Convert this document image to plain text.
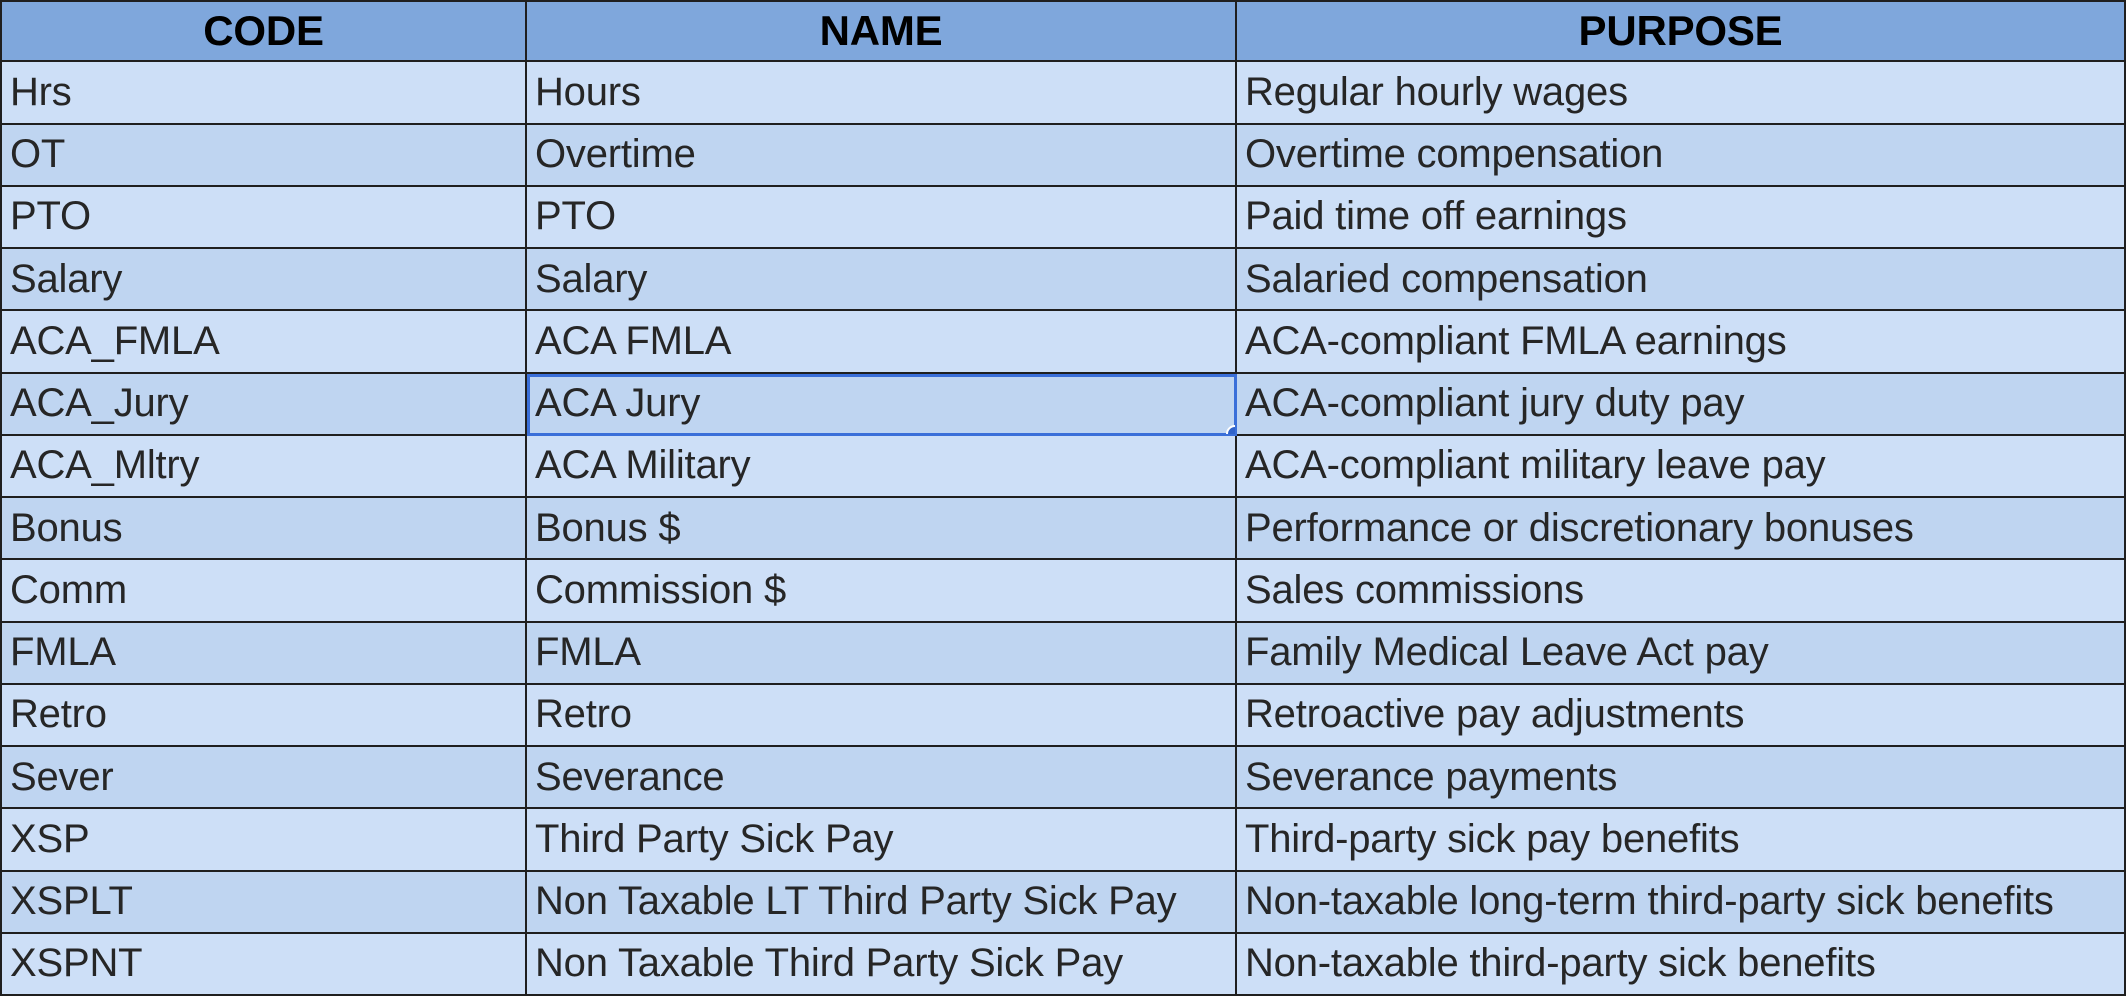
CODE	NAME	PURPOSE
Hrs	Hours	Regular hourly wages
OT	Overtime	Overtime compensation
PTO	PTO	Paid time off earnings
Salary	Salary	Salaried compensation
ACA_FMLA	ACA FMLA	ACA-compliant FMLA earnings
ACA_Jury	ACA Jury	ACA-compliant jury duty pay
ACA_Mltry	ACA Military	ACA-compliant military leave pay
Bonus	Bonus $	Performance or discretionary bonuses
Comm	Commission $	Sales commissions
FMLA	FMLA	Family Medical Leave Act pay
Retro	Retro	Retroactive pay adjustments
Sever	Severance	Severance payments
XSP	Third Party Sick Pay	Third-party sick pay benefits
XSPLT	Non Taxable LT Third Party Sick Pay	Non-taxable long-term third-party sick benefits
XSPNT	Non Taxable Third Party Sick Pay	Non-taxable third-party sick benefits
